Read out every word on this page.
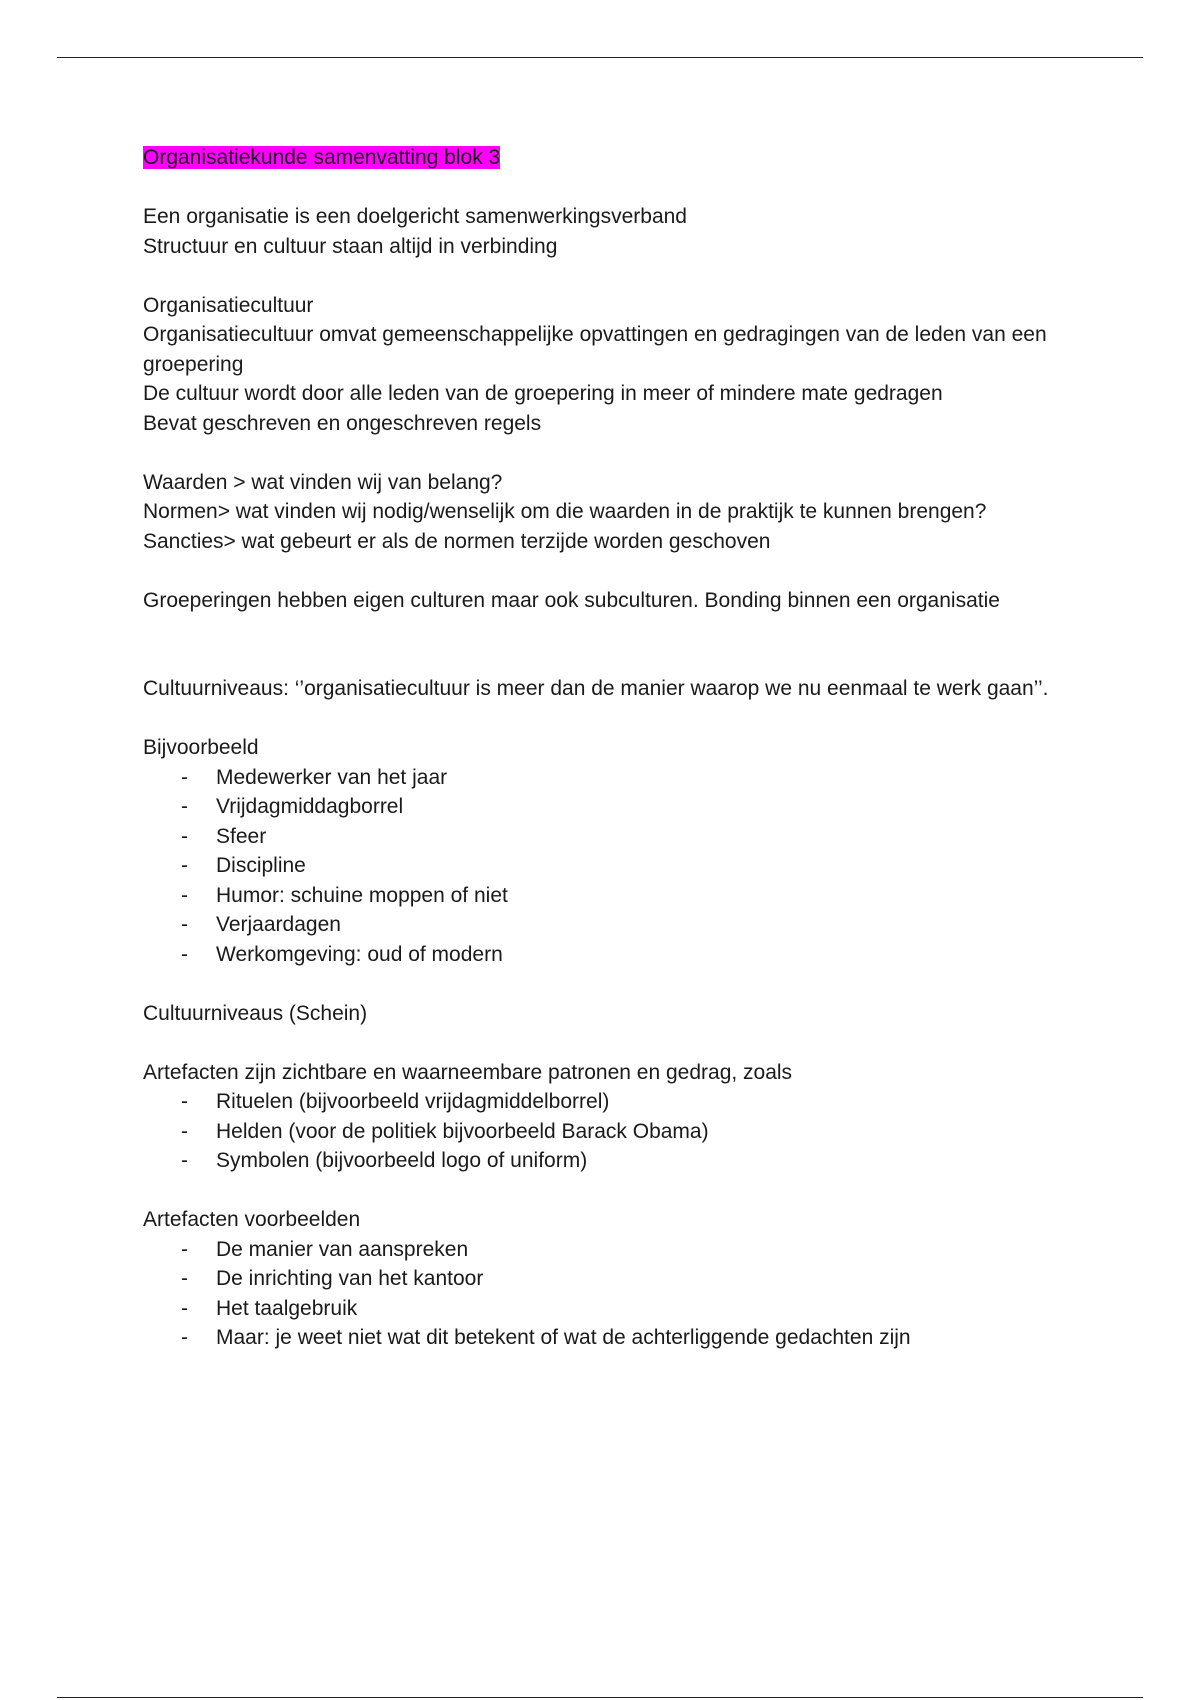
Organisatiekunde samenvatting blok 3

Een organisatie is een doelgericht samenwerkingsverband

Structuur en cultuur staan altijd in verbinding

Organisatiecultuur

Organisatiecultuur omvat gemeenschappelijke opvattingen en gedragingen van de leden van een groepering

De cultuur wordt door alle leden van de groepering in meer of mindere mate gedragen

Bevat geschreven en ongeschreven regels

Waarden > wat vinden wij van belang?

Normen> wat vinden wij nodig/wenselijk om die waarden in de praktijk te kunnen brengen?

Sancties> wat gebeurt er als de normen terzijde worden geschoven

Groeperingen hebben eigen culturen maar ook subculturen. Bonding binnen een organisatie

Cultuurniveaus: ‘’organisatiecultuur is meer dan de manier waarop we nu eenmaal te werk gaan’’.

Bijvoorbeeld

- Medewerker van het jaar
- Vrijdagmiddagborrel
- Sfeer
- Discipline
- Humor: schuine moppen of niet
- Verjaardagen
- Werkomgeving: oud of modern

Cultuurniveaus (Schein)

Artefacten zijn zichtbare en waarneembare patronen en gedrag, zoals

- Rituelen (bijvoorbeeld vrijdagmiddelborrel)
- Helden (voor de politiek bijvoorbeeld Barack Obama)
- Symbolen (bijvoorbeeld logo of uniform)

Artefacten voorbeelden

- De manier van aanspreken
- De inrichting van het kantoor
- Het taalgebruik
- Maar: je weet niet wat dit betekent of wat de achterliggende gedachten zijn
